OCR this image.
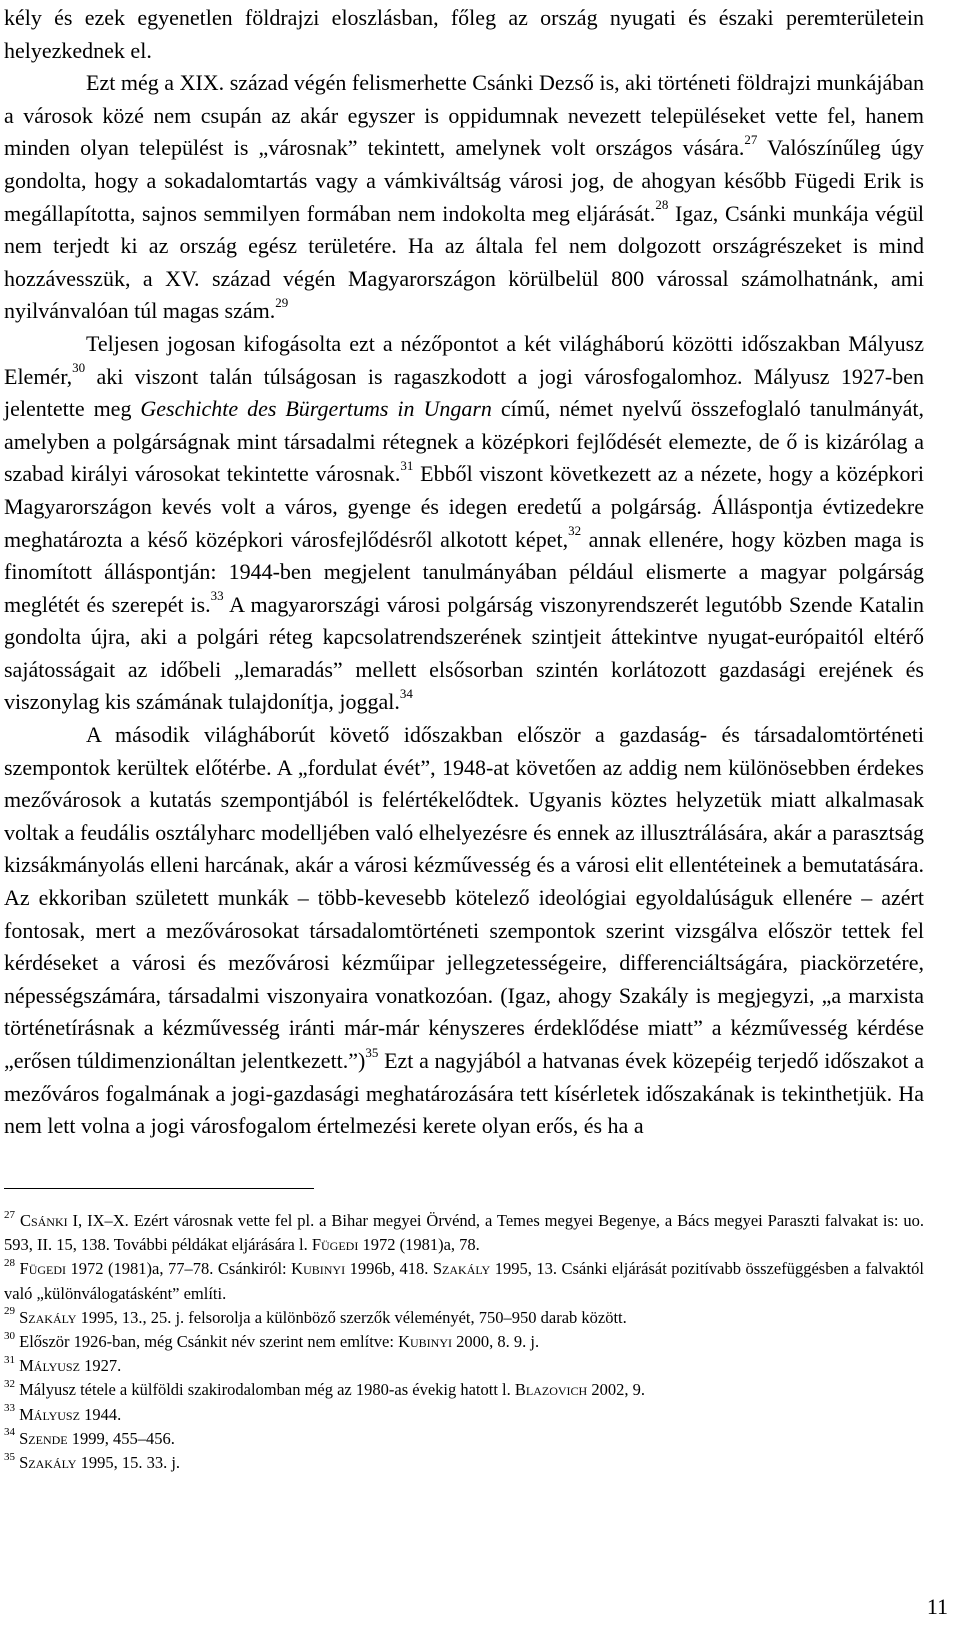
kély és ezek egyenetlen földrajzi eloszlásban, főleg az ország nyugati és északi peremterületein helyezkednek el.

Ezt még a XIX. század végén felismerhette Csánki Dezső is, aki történeti földrajzi munkájában a városok közé nem csupán az akár egyszer is oppidumnak nevezett településeket vette fel, hanem minden olyan települést is „városnak” tekintett, amelynek volt országos vására.$^{27}$ Valószínűleg úgy gondolta, hogy a sokadalomtartás vagy a vámkiváltság városi jog, de ahogyan később Fügedi Erik is megállapította, sajnos semmilyen formában nem indokolta meg eljárását.$^{28}$ Igaz, Csánki munkája végül nem terjedt ki az ország egész területére. Ha az általa fel nem dolgozott országrészeket is mind hozzávesszük, a XV. század végén Magyarországon körülbelül 800 várossal számolhatnánk, ami nyilvánvalóan túl magas szám.$^{29}$

Teljesen jogosan kifogásolta ezt a nézőpontot a két világháború közötti időszakban Mályusz Elemér,$^{30}$ aki viszont talán túlságosan is ragaszkodott a jogi városfogalomhoz. Mályusz 1927-ben jelentette meg Geschichte des Bürgertums in Ungarn című, német nyelvű összefoglaló tanulmányát, amelyben a polgárságnak mint társadalmi rétegnek a középkori fejlődését elemezte, de ő is kizárólag a szabad királyi városokat tekintette városnak.$^{31}$ Ebből viszont következett az a nézete, hogy a középkori Magyarországon kevés volt a város, gyenge és idegen eredetű a polgárság. Álláspontja évtizedekre meghatározta a késő középkori városfejlődésről alkotott képet,$^{32}$ annak ellenére, hogy közben maga is finomított álláspontján: 1944-ben megjelent tanulmányában például elismerte a magyar polgárság meglétét és szerepét is.$^{33}$ A magyarországi városi polgárság viszonyrendszerét legutóbb Szende Katalin gondolta újra, aki a polgári réteg kapcsolatrendszerének szintjeit áttekintve nyugat-európaitól eltérő sajátosságait az időbeli „lemaradás” mellett elsősorban szintén korlátozott gazdasági erejének és viszonylag kis számának tulajdonítja, joggal.$^{34}$

A második világháborút követő időszakban először a gazdaság- és társadalomtörténeti szempontok kerültek előtérbe. A „fordulat évét”, 1948-at követően az addig nem különösebben érdekes mezővárosok a kutatás szempontjából is felértékelődtek. Ugyanis köztes helyzetük miatt alkalmasak voltak a feudális osztályharc modelljében való elhelyezésre és ennek az illusztrálására, akár a parasztság kizsákmányolás elleni harcának, akár a városi kézművesség és a városi elit ellentéteinek a bemutatására. Az ekkoriban született munkák – több-kevesebb kötelező ideológiai egyoldalúságuk ellenére – azért fontosak, mert a mezővárosokat társadalomtörténeti szempontok szerint vizsgálva először tettek fel kérdéseket a városi és mezővárosi kézműipar jellegzetességeire, differenciáltságára, piackörzetére, népességszámára, társadalmi viszonyaira vonatkozóan. (Igaz, ahogy Szakály is megjegyzi, „a marxista történetírásnak a kézművesség iránti már-már kényszeres érdeklődése miatt” a kézművesség kérdése „erősen túldimenzionáltan jelentkezett.”)$^{35}$ Ezt a nagyjából a hatvanas évek közepéig terjedő időszakot a mezőváros fogalmának a jogi-gazdasági meghatározására tett kísérletek időszakának is tekinthetjük. Ha nem lett volna a jogi városfogalom értelmezési kerete olyan erős, és ha a

$^{27}$ Csánki I, IX–X. Ezért városnak vette fel pl. a Bihar megyei Örvénd, a Temes megyei Begenye, a Bács megyei Paraszti falvakat is: uo. 593, II. 15, 138. További példákat eljárására l. Fügedi 1972 (1981)a, 78.

$^{28}$ Fügedi 1972 (1981)a, 77–78. Csánkiról: Kubinyi 1996b, 418. Szakály 1995, 13. Csánki eljárását pozitívabb összefüggésben a falvaktól való „különválogatásként” említi.

$^{29}$ Szakály 1995, 13., 25. j. felsorolja a különböző szerzők véleményét, 750–950 darab között.

$^{30}$ Először 1926-ban, még Csánkit név szerint nem említve: Kubinyi 2000, 8. 9. j.

$^{31}$ Mályusz 1927.

$^{32}$ Mályusz tétele a külföldi szakirodalomban még az 1980-as évekig hatott l. Blazovich 2002, 9.

$^{33}$ Mályusz 1944.

$^{34}$ Szende 1999, 455–456.

$^{35}$ Szakály 1995, 15. 33. j.

11
